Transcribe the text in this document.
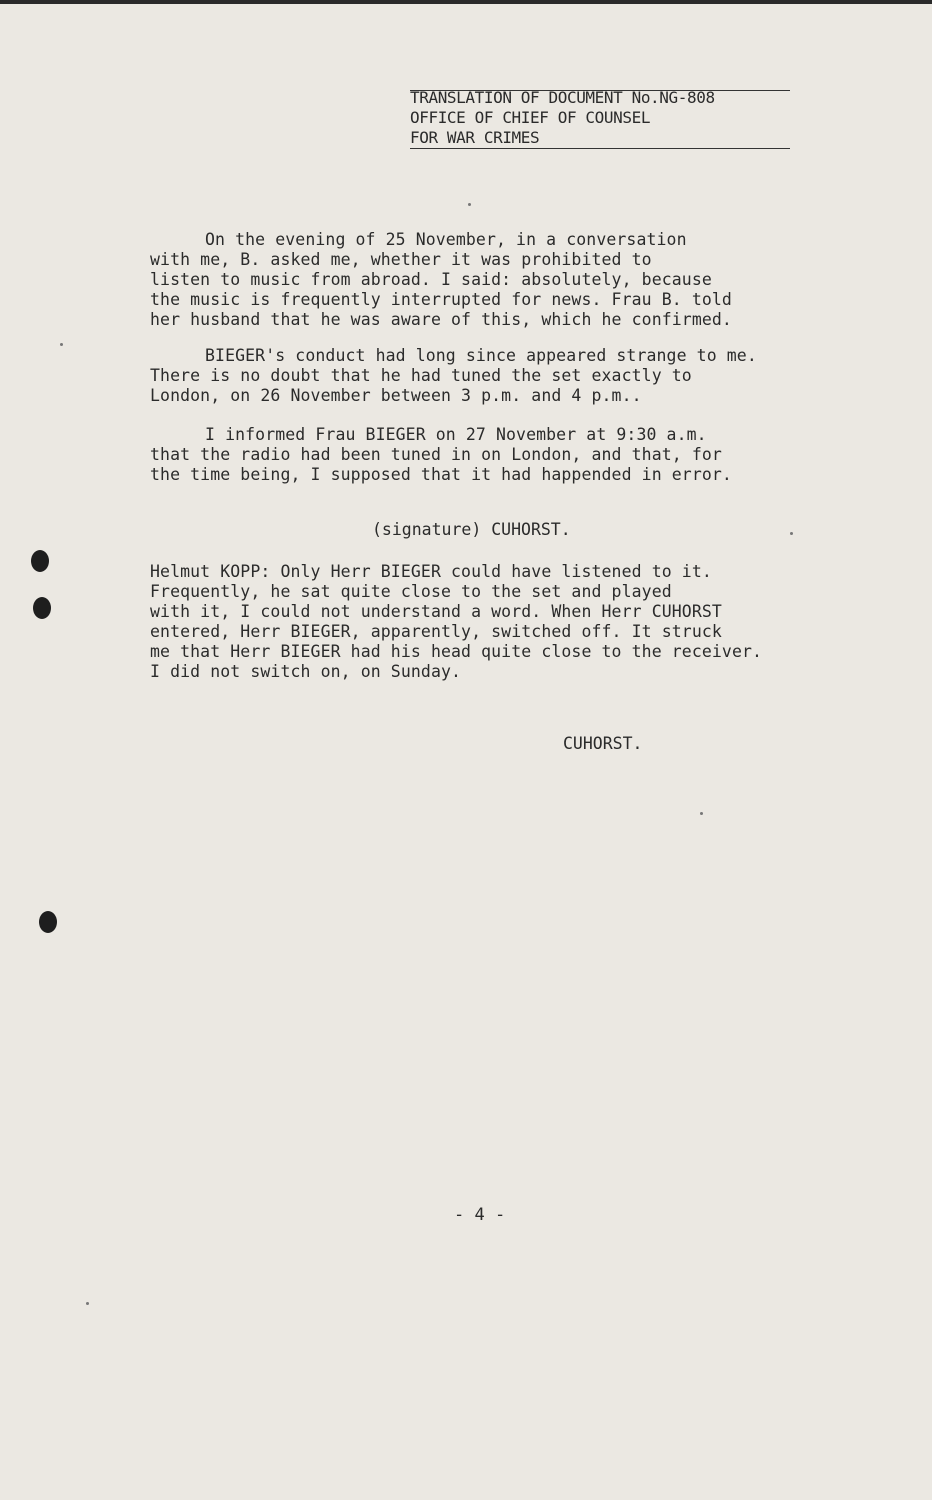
TRANSLATION OF DOCUMENT No.NG-808
OFFICE OF CHIEF OF COUNSEL
FOR WAR CRIMES
On the evening of 25 November, in a conversation
with me, B. asked me, whether it was prohibited to
listen to music from abroad. I said: absolutely, because
the music is frequently interrupted for news. Frau B. told
her husband that he was aware of this, which he confirmed.
BIEGER's conduct had long since appeared strange to me.
There is no doubt that he had tuned the set exactly to
London, on 26 November between 3 p.m. and 4 p.m..
I informed Frau BIEGER on 27 November at 9:30 a.m.
that the radio had been tuned in on London, and that, for
the time being, I supposed that it had happended in error.
(signature) CUHORST.
Helmut KOPP: Only Herr BIEGER could have listened to it.
Frequently, he sat quite close to the set and played
with it, I could not understand a word. When Herr CUHORST
entered, Herr BIEGER, apparently, switched off. It struck
me that Herr BIEGER had his head quite close to the receiver.
I did not switch on, on Sunday.
CUHORST.
- 4 -
